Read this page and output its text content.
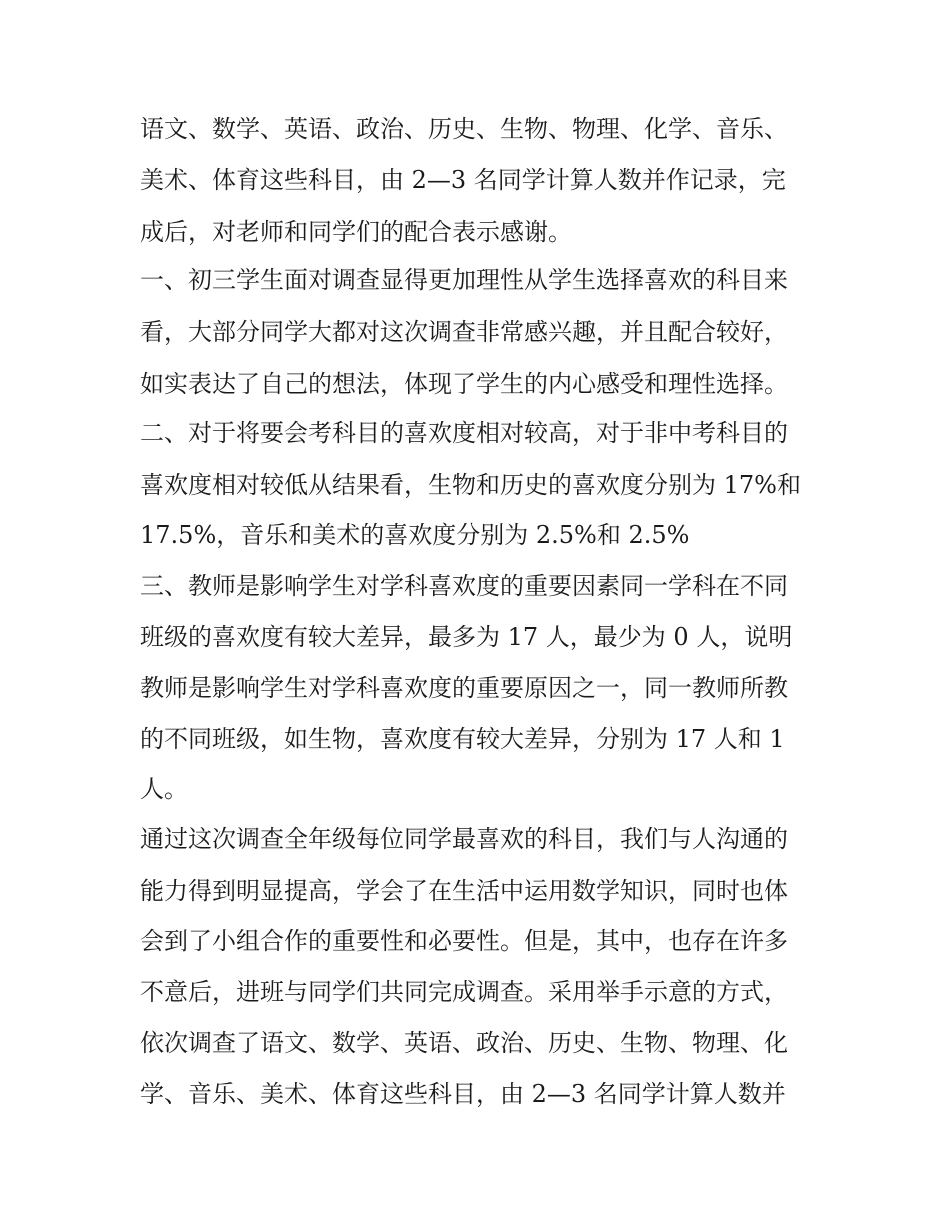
语文、数学、英语、政治、历史、生物、物理、化学、音乐、
美术、体育这些科目，由 2—3 名同学计算人数并作记录，完
成后，对老师和同学们的配合表示感谢。
一、初三学生面对调查显得更加理性从学生选择喜欢的科目来
看，大部分同学大都对这次调查非常感兴趣，并且配合较好，
如实表达了自己的想法，体现了学生的内心感受和理性选择。
二、对于将要会考科目的喜欢度相对较高，对于非中考科目的
喜欢度相对较低从结果看，生物和历史的喜欢度分别为 17%和
17.5%，音乐和美术的喜欢度分别为 2.5%和 2.5%
三、教师是影响学生对学科喜欢度的重要因素同一学科在不同
班级的喜欢度有较大差异，最多为 17 人，最少为 0 人，说明
教师是影响学生对学科喜欢度的重要原因之一，同一教师所教
的不同班级，如生物，喜欢度有较大差异，分别为 17 人和 1
人。
通过这次调查全年级每位同学最喜欢的科目，我们与人沟通的
能力得到明显提高，学会了在生活中运用数学知识，同时也体
会到了小组合作的重要性和必要性。但是，其中，也存在许多
不意后，进班与同学们共同完成调查。采用举手示意的方式，
依次调查了语文、数学、英语、政治、历史、生物、物理、化
学、音乐、美术、体育这些科目，由 2—3 名同学计算人数并
